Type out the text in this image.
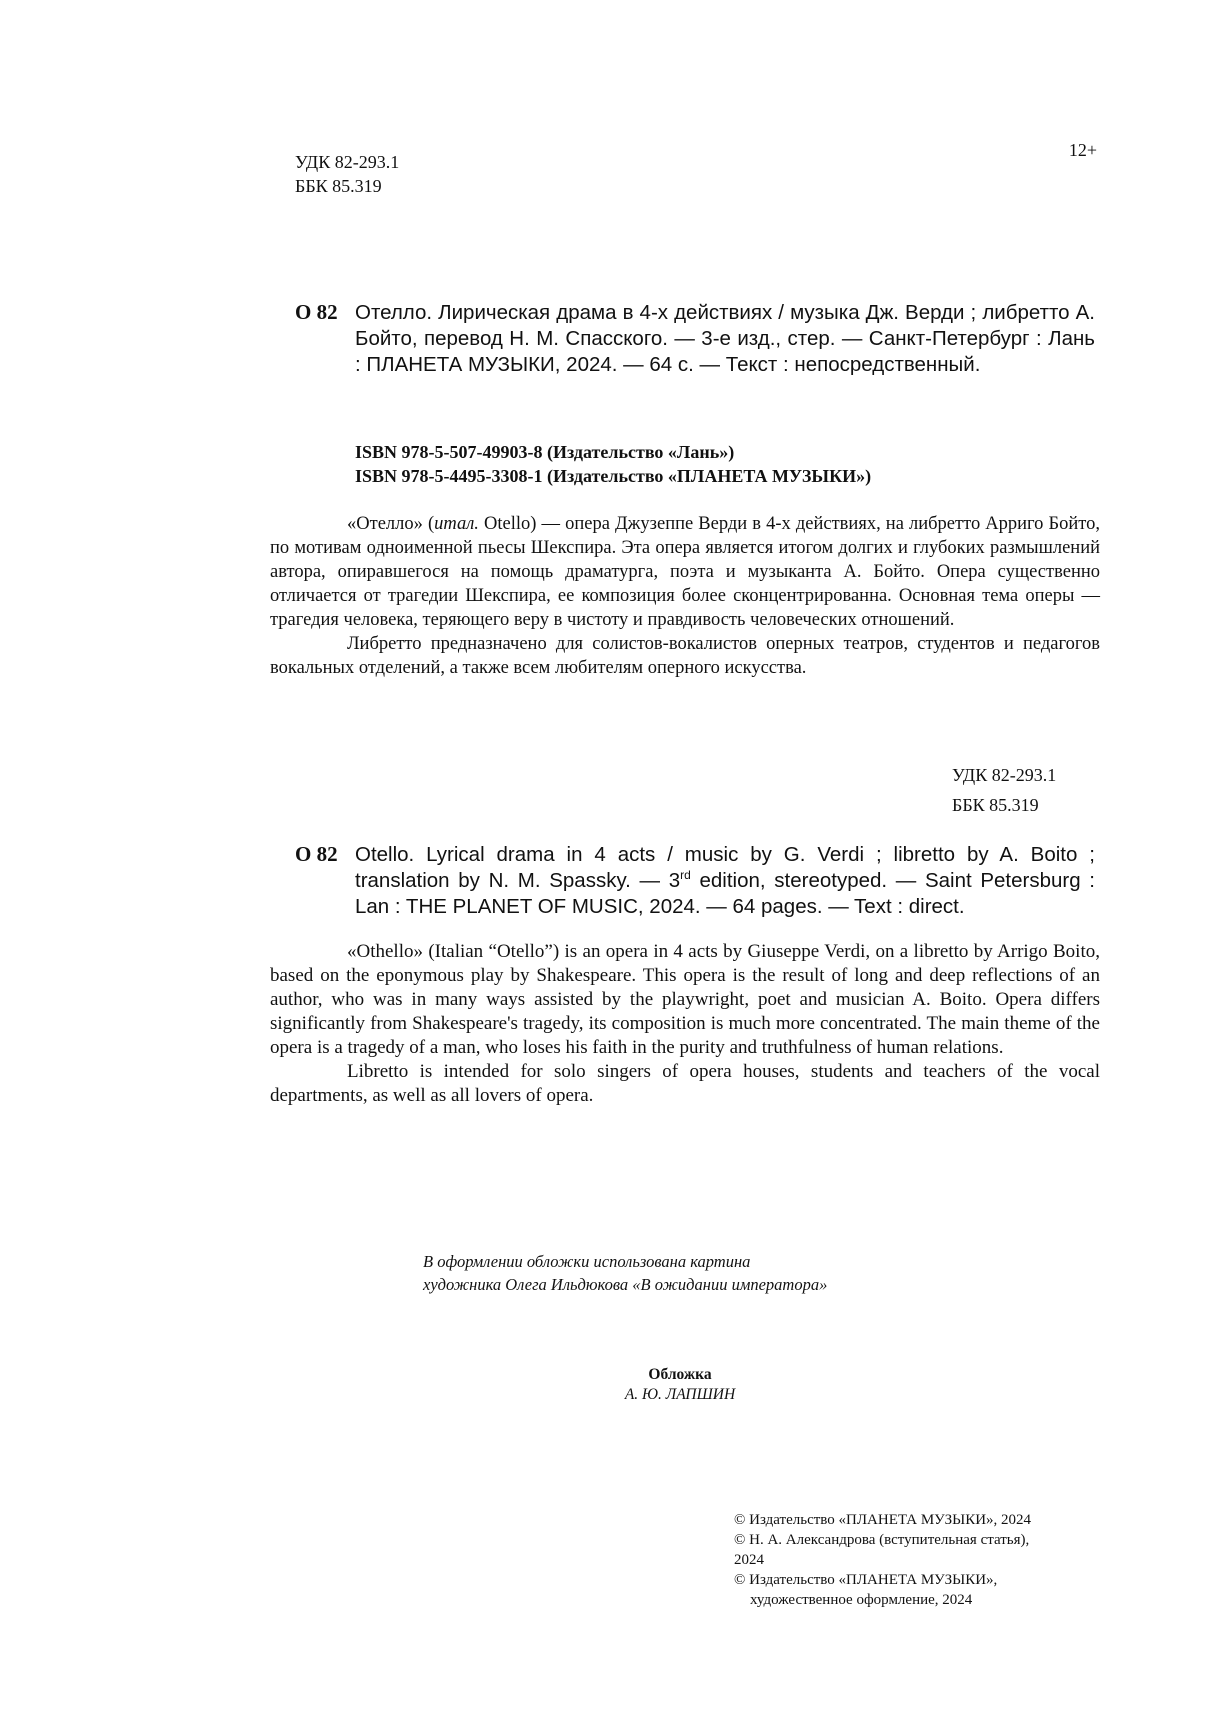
УДК 82-293.1
ББК 85.319
12+
О 82 Отелло. Лирическая драма в 4-х действиях / музыка Дж. Верди ; либретто А. Бойто, перевод Н. М. Спасского. — 3-е изд., стер. — Санкт-Петербург : Лань : ПЛАНЕТА МУЗЫКИ, 2024. — 64 с. — Текст : непосредственный.
ISBN 978-5-507-49903-8 (Издательство «Лань»)
ISBN 978-5-4495-3308-1 (Издательство «ПЛАНЕТА МУЗЫКИ»)

«Отелло» (итал. Otello) — опера Джузеппе Верди в 4-х действиях, на либретто Арриго Бойто, по мотивам одноименной пьесы Шекспира. Эта опера является итогом долгих и глубоких размышлений автора, опиравшегося на помощь драматурга, поэта и музыканта А. Бойто. Опера существенно отличается от трагедии Шекспира, ее композиция более сконцентрированна. Основная тема оперы — трагедия человека, теряющего веру в чистоту и правдивость человеческих отношений.

Либретто предназначено для солистов-вокалистов оперных театров, студентов и педагогов вокальных отделений, а также всем любителям оперного искусства.

УДК 82-293.1
ББК 85.319
О 82 Otello. Lyrical drama in 4 acts / music by G. Verdi ; libretto by A. Boito ; translation by N. M. Spassky. — 3rd edition, stereotyped. — Saint Petersburg : Lan : THE PLANET OF MUSIC, 2024. — 64 pages. — Text : direct.

«Othello» (Italian “Otello”) is an opera in 4 acts by Giuseppe Verdi, on a libretto by Arrigo Boito, based on the eponymous play by Shakespeare. This opera is the result of long and deep reflections of an author, who was in many ways assisted by the playwright, poet and musician A. Boito. Opera differs significantly from Shakespeare's tragedy, its composition is much more concentrated. The main theme of the opera is a tragedy of a man, who loses his faith in the purity and truthfulness of human relations.

Libretto is intended for solo singers of opera houses, students and teachers of the vocal departments, as well as all lovers of opera.

В оформлении обложки использована картина
художника Олега Ильдюкова «В ожидании императора»
Обложка
А. Ю. ЛАПШИН
© Издательство «ПЛАНЕТА МУЗЫКИ», 2024
© Н. А. Александрова (вступительная статья),
2024
© Издательство «ПЛАНЕТА МУЗЫКИ»,
художественное оформление, 2024
